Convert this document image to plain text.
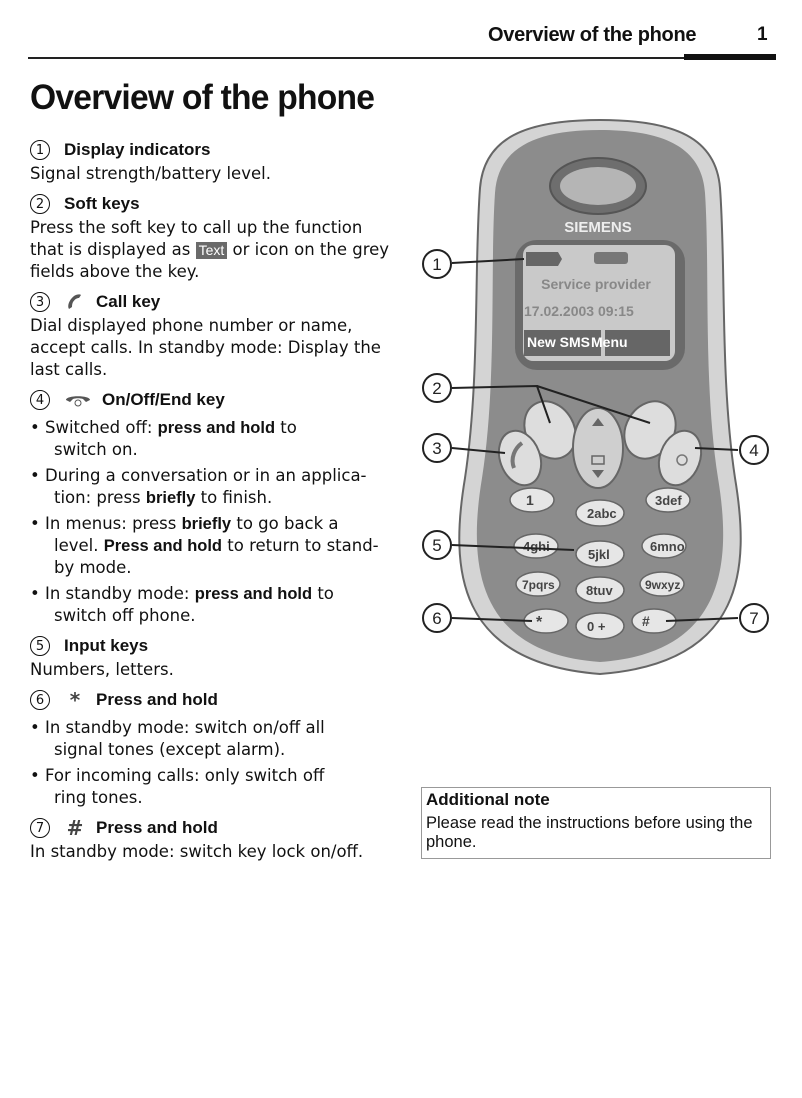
Overview of the phone	1
Overview of the phone
1	Display indicators
Signal strength/battery level.
2	Soft keys
Press the soft key to call up the function that is displayed as Text or icon on the grey fields above the key.
3	Call key
Dial displayed phone number or name, accept calls. In standby mode: Display the last calls.
4	On/Off/End key
• Switched off: press and hold to
switch on.
• During a conversation or in an applica-
tion: press briefly to finish.
• In menus: press briefly to go back a
level. Press and hold to return to stand-
by mode.
• In standby mode: press and hold to
switch off phone.
5	Input keys
Numbers, letters.
6 * Press and hold
• In standby mode: switch on/off all
signal tones (except alarm).
• For incoming calls: only switch off
ring tones.
7 # Press and hold
In standby mode: switch key lock on/off.
SIEMENS
Service provider
17.02.2003 09:15
New SMS Menu
1
2abc
3def
4ghi
5jkl
6mno
7pqrs 8tuv	9wxyz
*	0 +	#
1
2
3	4
5
6	7
Additional note
Please read the instructions before using the phone.
